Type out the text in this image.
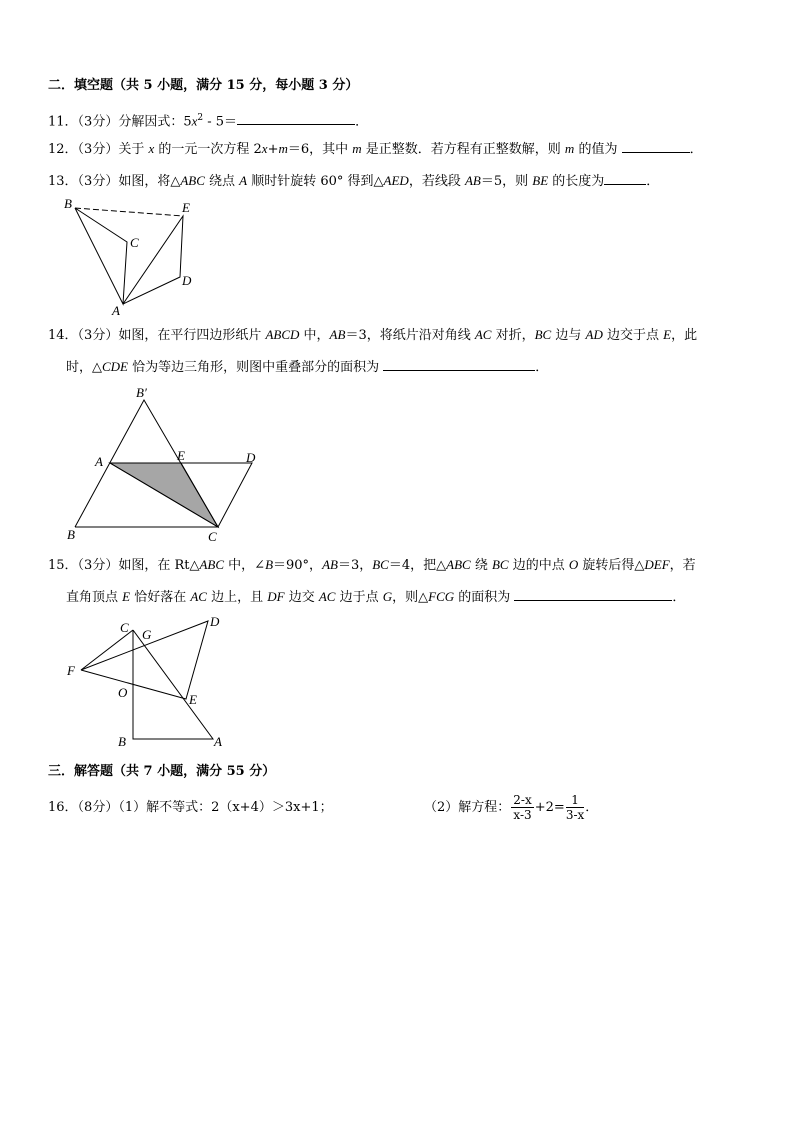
二．填空题（共 5 小题，满分 15 分，每小题 3 分）
11．（3分）分解因式：$5x^2 - 5=$	．
12．（3分）关于 x 的一元一次方程 2x+m＝6，其中 m 是正整数．若方程有正整数解，则 m 的值为	．
13．（3分）如图，将△ABC 绕点 A 顺时针旋转 60° 得到△AED，若线段 AB＝5，则 BE 的长度为	．
B
C
E
D
A
14．（3分）如图，在平行四边形纸片 ABCD 中，AB＝3，将纸片沿对角线 AC 对折，BC 边与 AD 边交于点 E，此
时，△CDE 恰为等边三角形，则图中重叠部分的面积为	．
B′
A	E	D
B	C
15．（3分）如图，在 Rt△ABC 中，∠B＝90°，AB＝3，BC＝4，把△ABC 绕 BC 边的中点 O 旋转后得△DEF，若
直角顶点 E 恰好落在 AC 边上，且 DF 边交 AC 边于点 G，则△FCG 的面积为	．
C G
D
F
O	E
B	A
三．解答题（共 7 小题，满分 55 分）
16．（8分）（1）解不等式：2（x+4）＞3x+1；	（2）解方程： $\frac{2-x}{x-3} +2= \frac{1}{3-x}$ ．
